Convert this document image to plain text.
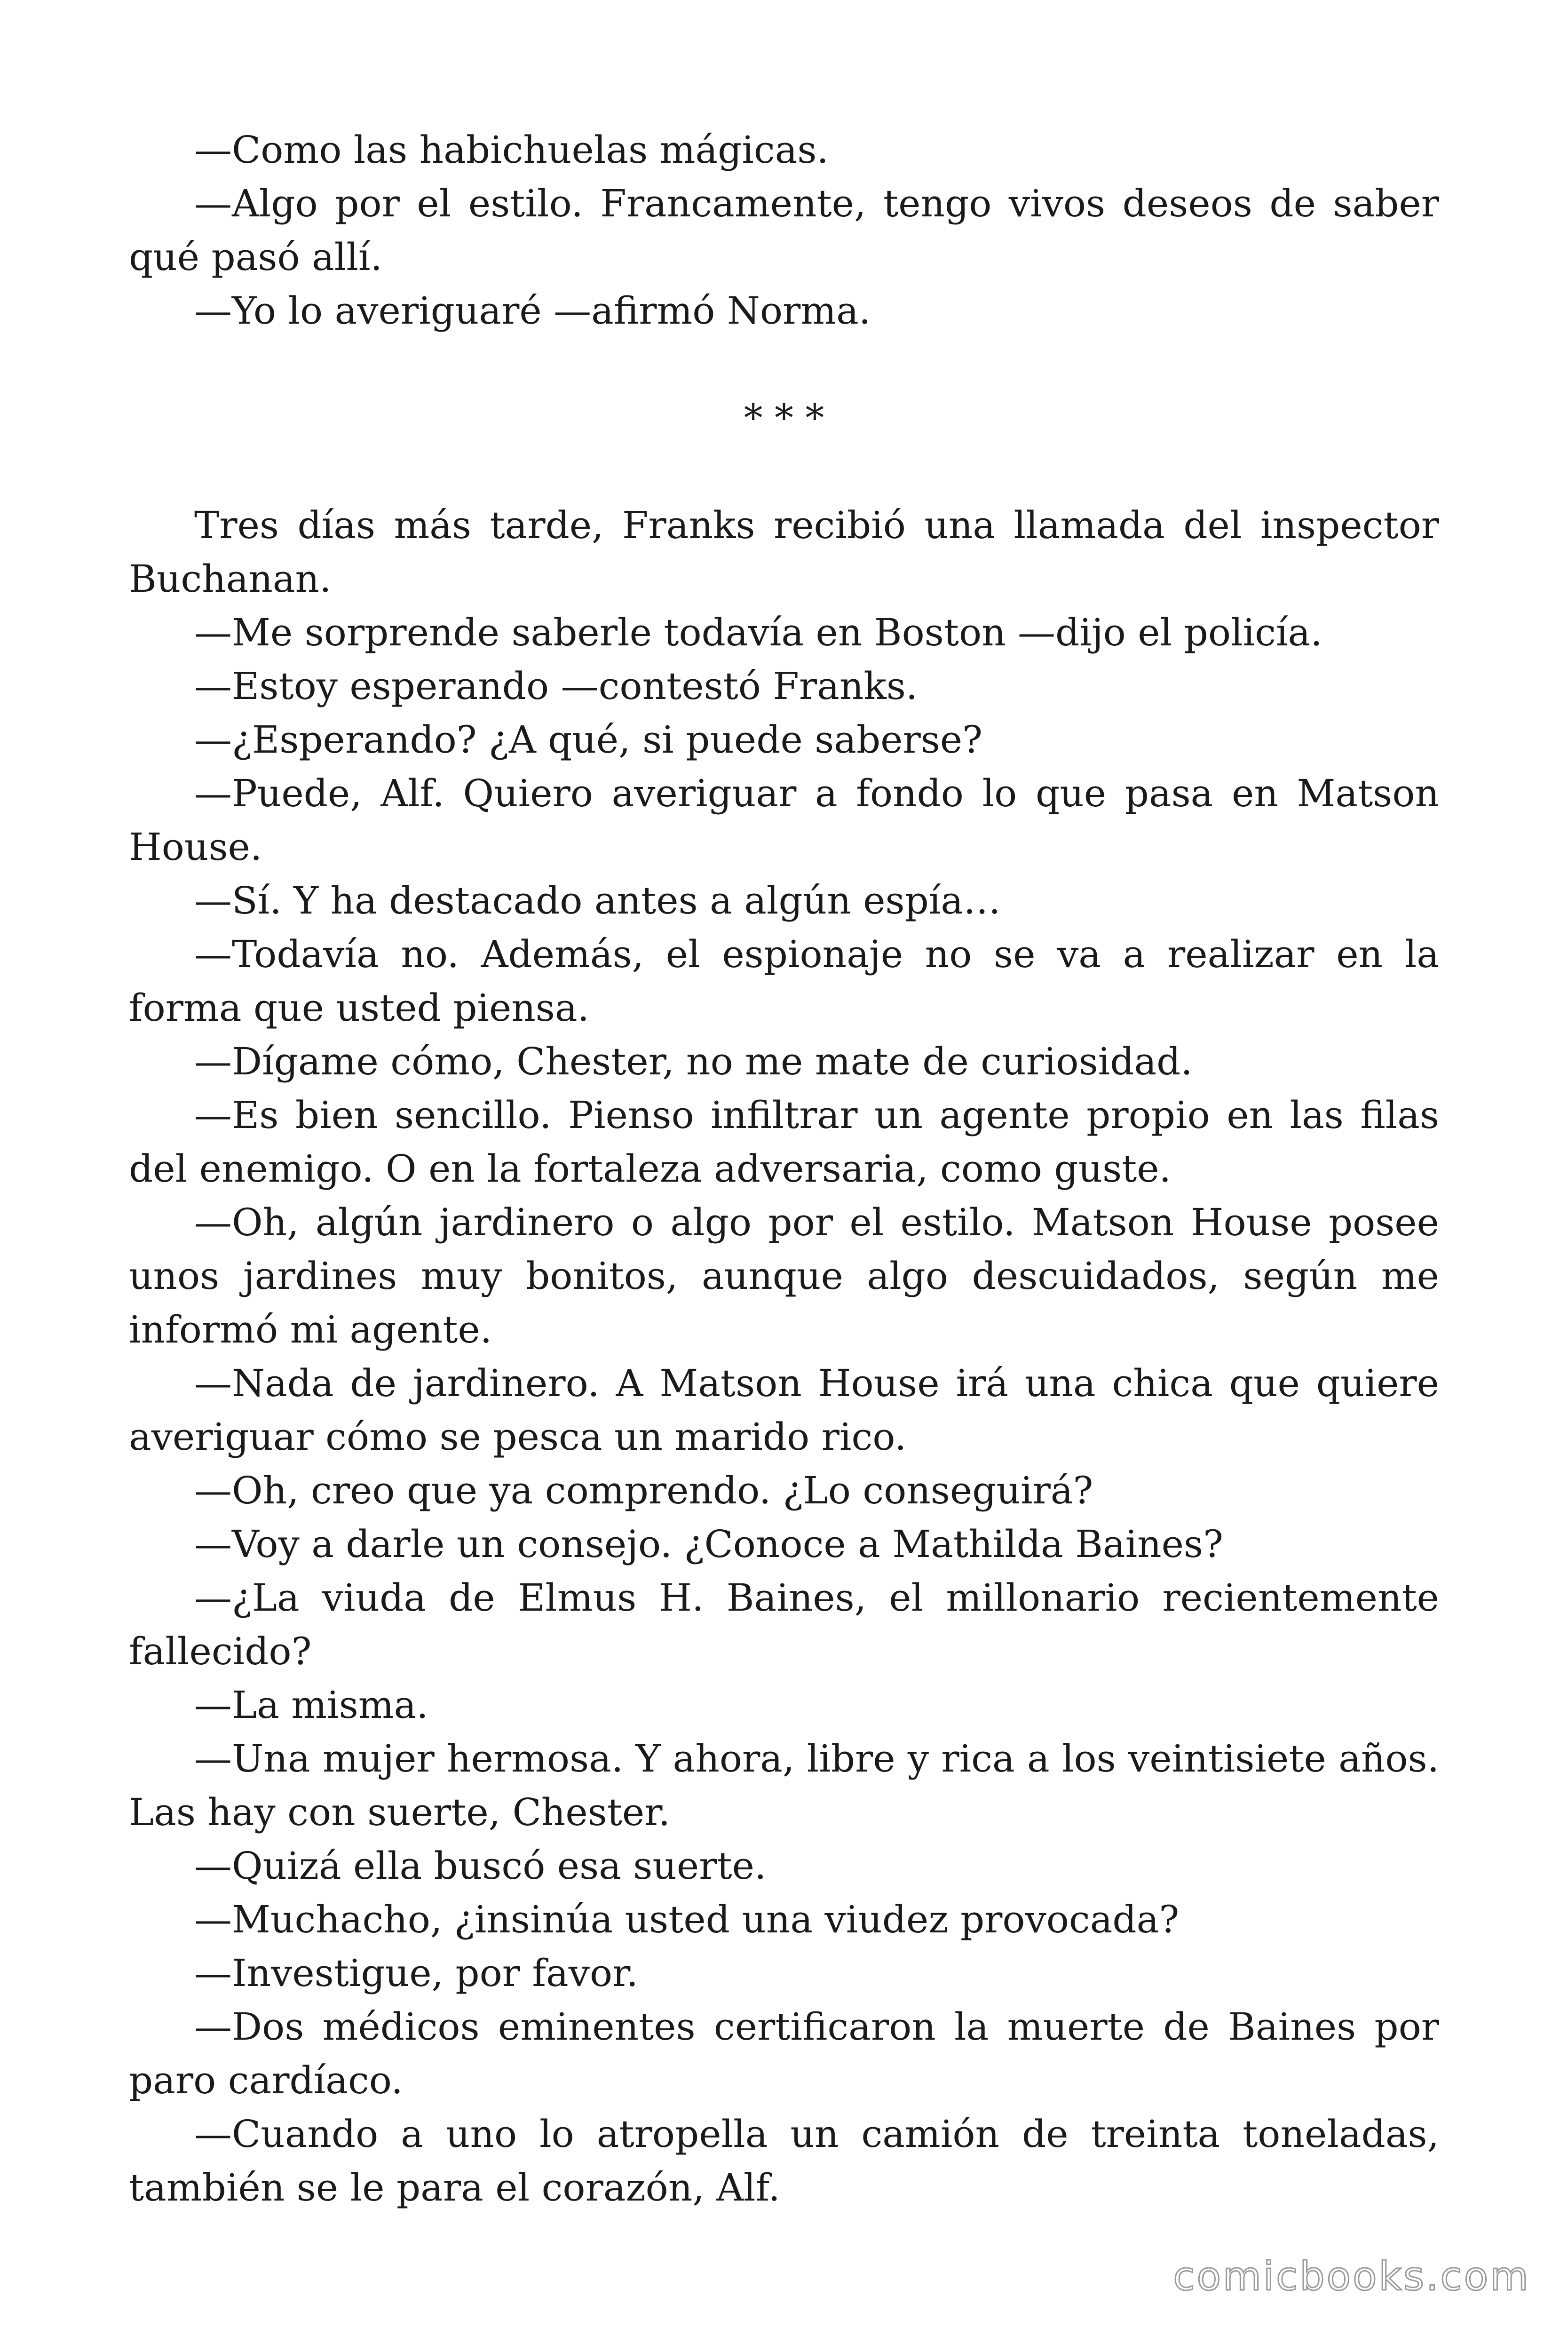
—Como las habichuelas mágicas.

—Algo por el estilo. Francamente, tengo vivos deseos de saber qué pasó allí.

—Yo lo averiguaré —afirmó Norma.

* * *

Tres días más tarde, Franks recibió una llamada del inspector Buchanan.

—Me sorprende saberle todavía en Boston —dijo el policía.

—Estoy esperando —contestó Franks.

—¿Esperando? ¿A qué, si puede saberse?

—Puede, Alf. Quiero averiguar a fondo lo que pasa en Matson House.

—Sí. Y ha destacado antes a algún espía…

—Todavía no. Además, el espionaje no se va a realizar en la forma que usted piensa.

—Dígame cómo, Chester, no me mate de curiosidad.

—Es bien sencillo. Pienso infiltrar un agente propio en las filas del enemigo. O en la fortaleza adversaria, como guste.

—Oh, algún jardinero o algo por el estilo. Matson House posee unos jardines muy bonitos, aunque algo descuidados, según me informó mi agente.

—Nada de jardinero. A Matson House irá una chica que quiere averiguar cómo se pesca un marido rico.

—Oh, creo que ya comprendo. ¿Lo conseguirá?

—Voy a darle un consejo. ¿Conoce a Mathilda Baines?

—¿La viuda de Elmus H. Baines, el millonario recientemente fallecido?

—La misma.

—Una mujer hermosa. Y ahora, libre y rica a los veintisiete años. Las hay con suerte, Chester.

—Quizá ella buscó esa suerte.

—Muchacho, ¿insinúa usted una viudez provocada?

—Investigue, por favor.

—Dos médicos eminentes certificaron la muerte de Baines por paro cardíaco.

—Cuando a uno lo atropella un camión de treinta toneladas, también se le para el corazón, Alf.

comicbooks.com
